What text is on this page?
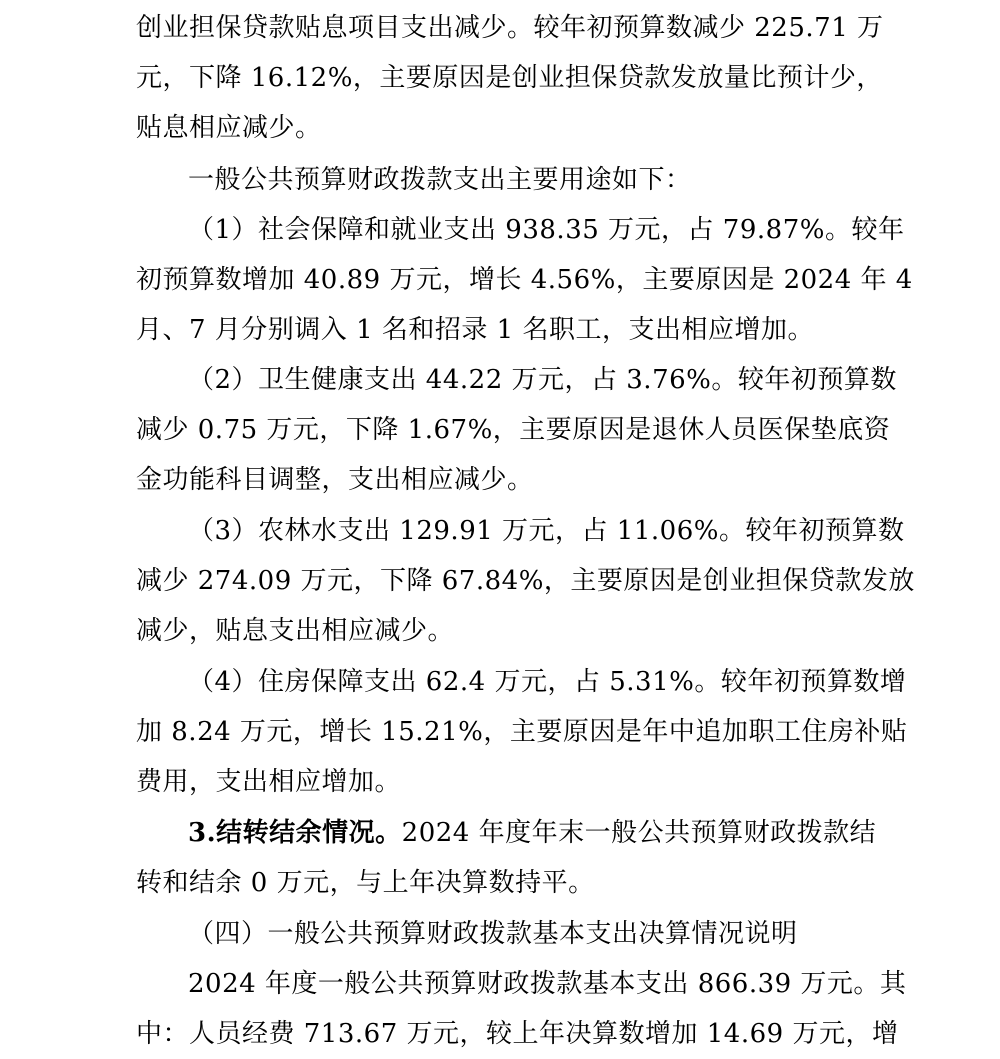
创业担保贷款贴息项目支出减少。较年初预算数减少 225.71 万
元，下降 16.12%，主要原因是创业担保贷款发放量比预计少，
贴息相应减少。
一般公共预算财政拨款支出主要用途如下：
（1）社会保障和就业支出 938.35 万元，占 79.87%。较年
初预算数增加 40.89 万元，增长 4.56%，主要原因是 2024 年 4
月、7 月分别调入 1 名和招录 1 名职工，支出相应增加。
（2）卫生健康支出 44.22 万元，占 3.76%。较年初预算数
减少 0.75 万元，下降 1.67%，主要原因是退休人员医保垫底资
金功能科目调整，支出相应减少。
（3）农林水支出 129.91 万元，占 11.06%。较年初预算数
减少 274.09 万元，下降 67.84%，主要原因是创业担保贷款发放
减少，贴息支出相应减少。
（4）住房保障支出 62.4 万元，占 5.31%。较年初预算数增
加 8.24 万元，增长 15.21%，主要原因是年中追加职工住房补贴
费用，支出相应增加。
3.结转结余情况。2024 年度年末一般公共预算财政拨款结
转和结余 0 万元，与上年决算数持平。
（四）一般公共预算财政拨款基本支出决算情况说明
2024 年度一般公共预算财政拨款基本支出 866.39 万元。其
中：人员经费 713.67 万元，较上年决算数增加 14.69 万元，增
